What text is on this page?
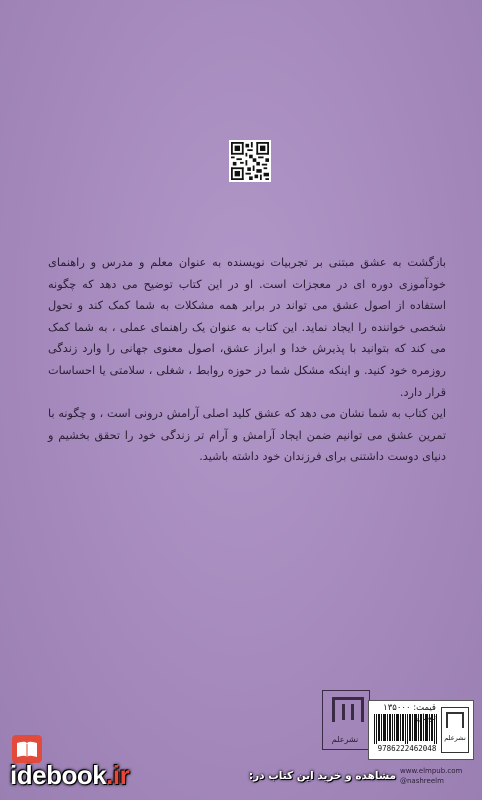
بازگشت به عشق مبتنی بر تجربیات نویسنده به عنوان معلم و مدرس و راهنمای خودآموزی دوره ای در معجزات است. او در این کتاب توضیح می دهد که چگونه استفاده از اصول عشق می تواند در برابر همه مشکلات به شما کمک کند و تحول شخصی خواننده را ایجاد نماید. این کتاب به عنوان یک راهنمای عملی ، به شما کمک می کند که بتوانید با پذیرش خدا و ابراز عشق، اصول معنوی جهانی را وارد زندگی روزمره خود کنید. و اینکه مشکل شما در حوزه روابط ، شغلی ، سلامتی یا احساسات قرار دارد.

این کتاب به شما نشان می دهد که عشق کلید اصلی آرامش درونی است ، و چگونه با تمرین عشق می توانیم ضمن ایجاد آرامش و آرام تر زندگی خود را تحقق بخشیم و دنیای دوست داشتنی برای فرزندان خود داشته باشید.

نشرعلم
قیمت: ۱۳۵۰۰۰
9786222462048
نشرعلم
www.elmpub.com
@nashreelm
idebook.ir	مشاهده و خرید این کتاب در:
